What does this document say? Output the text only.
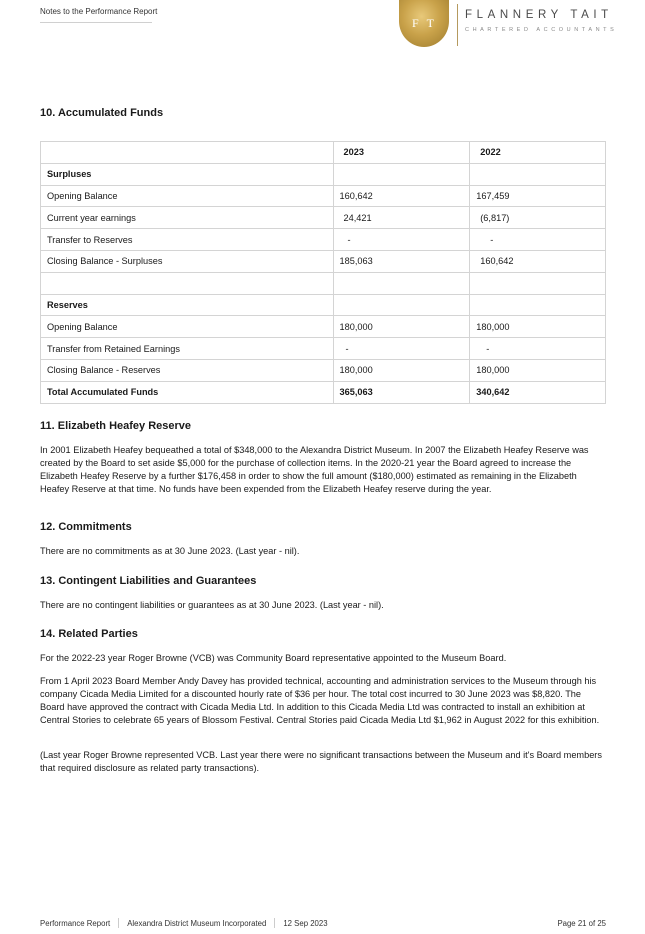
Notes to the Performance Report
FT
FLANNERY TAIT
CHARTERED ACCOUNTANTS
10. Accumulated Funds
	2023	2022
Surpluses		
Opening Balance	160,642	167,459
Current year earnings	24,421	(6,817)
Transfer to Reserves	-	-
Closing Balance - Surpluses	185,063	160,642

Reserves		
Opening Balance	180,000	180,000
Transfer from Retained Earnings	-	-
Closing Balance - Reserves	180,000	180,000
Total Accumulated Funds	365,063	340,642
11. Elizabeth Heafey Reserve

In 2001 Elizabeth Heafey bequeathed a total of $348,000 to the Alexandra District Museum. In 2007 the Elizabeth Heafey Reserve was created by the Board to set aside $5,000 for the purchase of collection items. In the 2020-21 year the Board agreed to increase the Elizabeth Heafey Reserve by a further $176,458 in order to show the full amount ($180,000) estimated as remaining in the Elizabeth Heafey Reserve at that time. No funds have been expended from the Elizabeth Heafey reserve during the year.

12. Commitments

There are no commitments as at 30 June 2023. (Last year - nil).

13. Contingent Liabilities and Guarantees

There are no contingent liabilities or guarantees as at 30 June 2023. (Last year - nil).

14. Related Parties

For the 2022-23 year Roger Browne (VCB) was Community Board representative appointed to the Museum Board.

From 1 April 2023 Board Member Andy Davey has provided technical, accounting and administration services to the Museum through his company Cicada Media Limited for a discounted hourly rate of $36 per hour. The total cost incurred to 30 June 2023 was $8,820. The Board have approved the contract with Cicada Media Ltd. In addition to this Cicada Media Ltd was contracted to install an exhibition at Central Stories to celebrate 65 years of Blossom Festival. Central Stories paid Cicada Media Ltd $1,962 in August 2022 for this exhibition.

(Last year Roger Browne represented VCB. Last year there were no significant transactions between the Museum and it's Board members that required disclosure as related party transactions).

Performance Report Alexandra District Museum Incorporated 12 Sep 2023	Page 21 of 25
